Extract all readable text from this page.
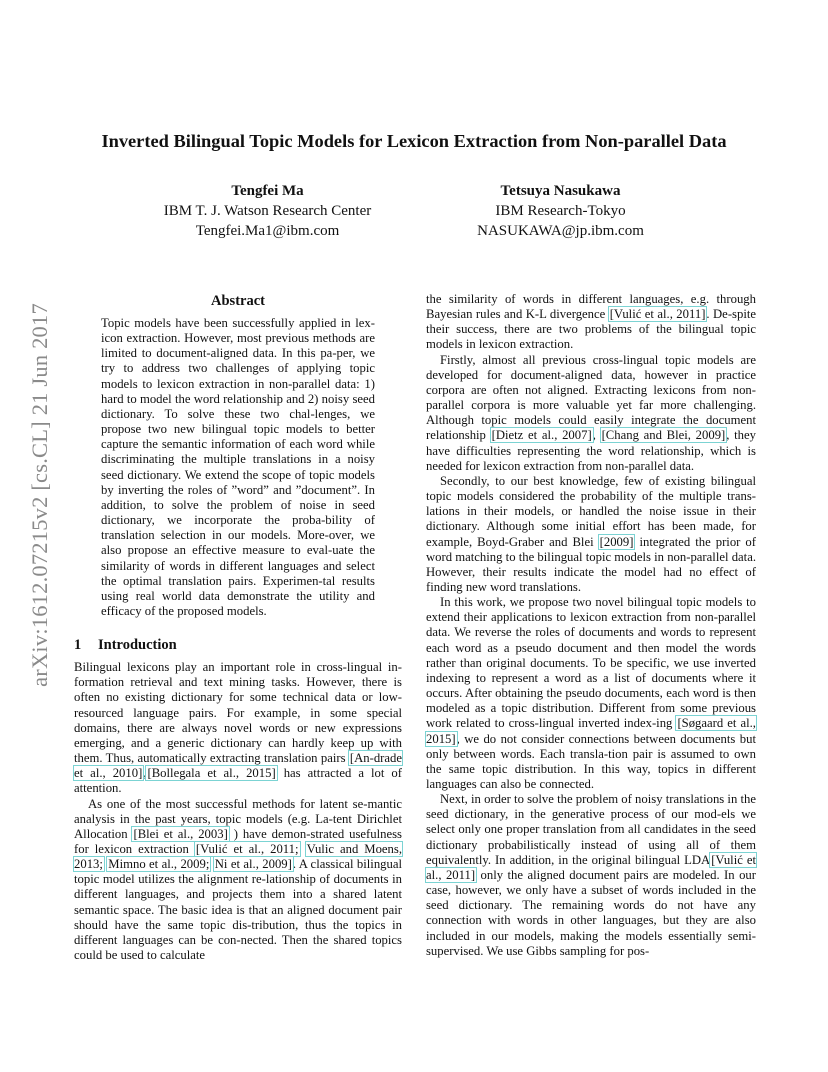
arXiv:1612.07215v2 [cs.CL] 21 Jun 2017
Inverted Bilingual Topic Models for Lexicon Extraction from Non-parallel Data
Tengfei Ma
IBM T. J. Watson Research Center
Tengfei.Ma1@ibm.com
Tetsuya Nasukawa
IBM Research-Tokyo
NASUKAWA@jp.ibm.com
Abstract

Topic models have been successfully applied in lex-icon extraction. However, most previous methods are limited to document-aligned data. In this pa-per, we try to address two challenges of applying topic models to lexicon extraction in non-parallel data: 1) hard to model the word relationship and 2) noisy seed dictionary. To solve these two chal-lenges, we propose two new bilingual topic models to better capture the semantic information of each word while discriminating the multiple translations in a noisy seed dictionary. We extend the scope of topic models by inverting the roles of ”word” and ”document”. In addition, to solve the problem of noise in seed dictionary, we incorporate the proba-bility of translation selection in our models. More-over, we also propose an effective measure to eval-uate the similarity of words in different languages and select the optimal translation pairs. Experimen-tal results using real world data demonstrate the utility and efficacy of the proposed models.

1 Introduction

Bilingual lexicons play an important role in cross-lingual in-formation retrieval and text mining tasks. However, there is often no existing dictionary for some technical data or low-resourced language pairs. For example, in some special domains, there are always novel words or new expressions emerging, and a generic dictionary can hardly keep up with them. Thus, automatically extracting translation pairs [An-drade et al., 2010],[Bollegala et al., 2015] has attracted a lot of attention.

As one of the most successful methods for latent se-mantic analysis in the past years, topic models (e.g. La-tent Dirichlet Allocation [Blei et al., 2003] ) have demon-strated usefulness for lexicon extraction [Vulić et al., 2011; Vulic and Moens, 2013; Mimno et al., 2009; Ni et al., 2009]. A classical bilingual topic model utilizes the alignment re-lationship of documents in different languages, and projects them into a shared latent semantic space. The basic idea is that an aligned document pair should have the same topic dis-tribution, thus the topics in different languages can be con-nected. Then the shared topics could be used to calculate

the similarity of words in different languages, e.g. through Bayesian rules and K-L divergence [Vulić et al., 2011]. De-spite their success, there are two problems of the bilingual topic models in lexicon extraction.

Firstly, almost all previous cross-lingual topic models are developed for document-aligned data, however in practice corpora are often not aligned. Extracting lexicons from non-parallel corpora is more valuable yet far more challenging. Although topic models could easily integrate the document relationship [Dietz et al., 2007], [Chang and Blei, 2009], they have difficulties representing the word relationship, which is needed for lexicon extraction from non-parallel data.

Secondly, to our best knowledge, few of existing bilingual topic models considered the probability of the multiple trans-lations in their models, or handled the noise issue in their dictionary. Although some initial effort has been made, for example, Boyd-Graber and Blei [2009] integrated the prior of word matching to the bilingual topic models in non-parallel data. However, their results indicate the model had no effect of finding new word translations.

In this work, we propose two novel bilingual topic models to extend their applications to lexicon extraction from non-parallel data. We reverse the roles of documents and words to represent each word as a pseudo document and then model the words rather than original documents. To be specific, we use inverted indexing to represent a word as a list of documents where it occurs. After obtaining the pseudo documents, each word is then modeled as a topic distribution. Different from some previous work related to cross-lingual inverted index-ing [Søgaard et al., 2015], we do not consider connections between documents but only between words. Each transla-tion pair is assumed to own the same topic distribution. In this way, topics in different languages can also be connected.

Next, in order to solve the problem of noisy translations in the seed dictionary, in the generative process of our mod-els we select only one proper translation from all candidates in the seed dictionary probabilistically instead of using all of them equivalently. In addition, in the original bilingual LDA[Vulić et al., 2011] only the aligned document pairs are modeled. In our case, however, we only have a subset of words included in the seed dictionary. The remaining words do not have any connection with words in other languages, but they are also included in our models, making the models essentially semi-supervised. We use Gibbs sampling for pos-
